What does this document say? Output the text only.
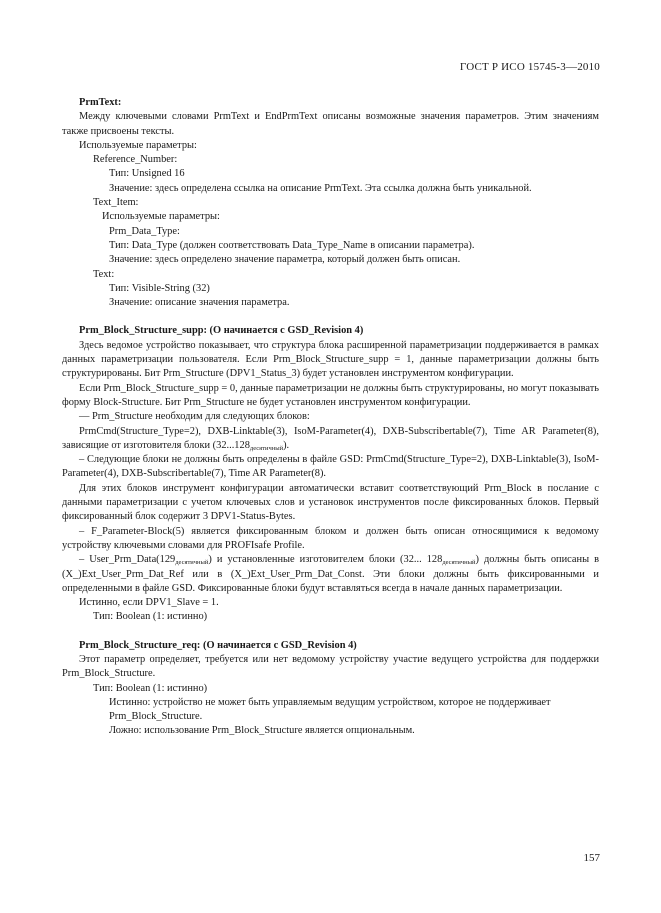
ГОСТ Р ИСО 15745-3—2010

PrmText:

Между ключевыми словами PrmText и EndPrmText описаны возможные значения параметров. Этим значениям также присвоены тексты.

Используемые параметры:

Reference_Number:

Тип: Unsigned 16

Значение: здесь определена ссылка на описание PrmText. Эта ссылка должна быть уникальной.

Text_Item:

Используемые параметры:

Prm_Data_Type:

Тип: Data_Type (должен соответствовать Data_Type_Name в описании параметра).

Значение: здесь определено значение параметра, который должен быть описан.

Text:

Тип: Visible-String (32)

Значение: описание значения параметра.

Prm_Block_Structure_supp: (О начинается с GSD_Revision 4)

Здесь ведомое устройство показывает, что структура блока расширенной параметризации поддерживается в рамках данных параметризации пользователя. Если Prm_Block_Structure_supp = 1, данные параметризации должны быть структурированы. Бит Prm_Structure (DPV1_Status_3) будет установлен инструментом конфигурации.

Если Prm_Block_Structure_supp = 0, данные параметризации не должны быть структурированы, но могут показывать форму Block-Structure. Бит Prm_Structure не будет установлен инструментом конфигурации.

— Prm_Structure необходим для следующих блоков:

PrmCmd(Structure_Type=2), DXB-Linktable(3), IsoM-Parameter(4), DXB-Subscribertable(7), Time AR Parameter(8), зависящие от изготовителя блоки $(32...128_{десятичный})$.

– Следующие блоки не должны быть определены в файле GSD: PrmCmd(Structure_Type=2), DXB-Linktable(3), IsoM-Parameter(4), DXB-Subscribertable(7), Time AR Parameter(8).

Для этих блоков инструмент конфигурации автоматически вставит соответствующий Prm_Block в послание с данными параметризации с учетом ключевых слов и установок инструментов после фиксированных блоков. Первый фиксированный блок содержит 3 DPV1-Status-Bytes.

– F_Parameter-Block(5) является фиксированным блоком и должен быть описан относящимися к ведомому устройству ключевыми словами для PROFIsafe Profile.

– $User\_Prm\_Data(129_{десятичный})$ и установленные изготовителем блоки (32... $128_{десятичный}$) должны быть описаны в (X_)Ext_User_Prm_Dat_Ref или в (X_)Ext_User_Prm_Dat_Const. Эти блоки должны быть фиксированными и определенными в файле GSD. Фиксированные блоки будут вставляться всегда в начале данных параметризации.

Истинно, если DPV1_Slave = 1.

Тип: Boolean (1: истинно)

Prm_Block_Structure_req: (О начинается с GSD_Revision 4)

Этот параметр определяет, требуется или нет ведомому устройству участие ведущего устройства для поддержки Prm_Block_Structure.

Тип: Boolean (1: истинно)

Истинно: устройство не может быть управляемым ведущим устройством, которое не поддерживает

Prm_Block_Structure.

Ложно: использование Prm_Block_Structure является опциональным.

157
